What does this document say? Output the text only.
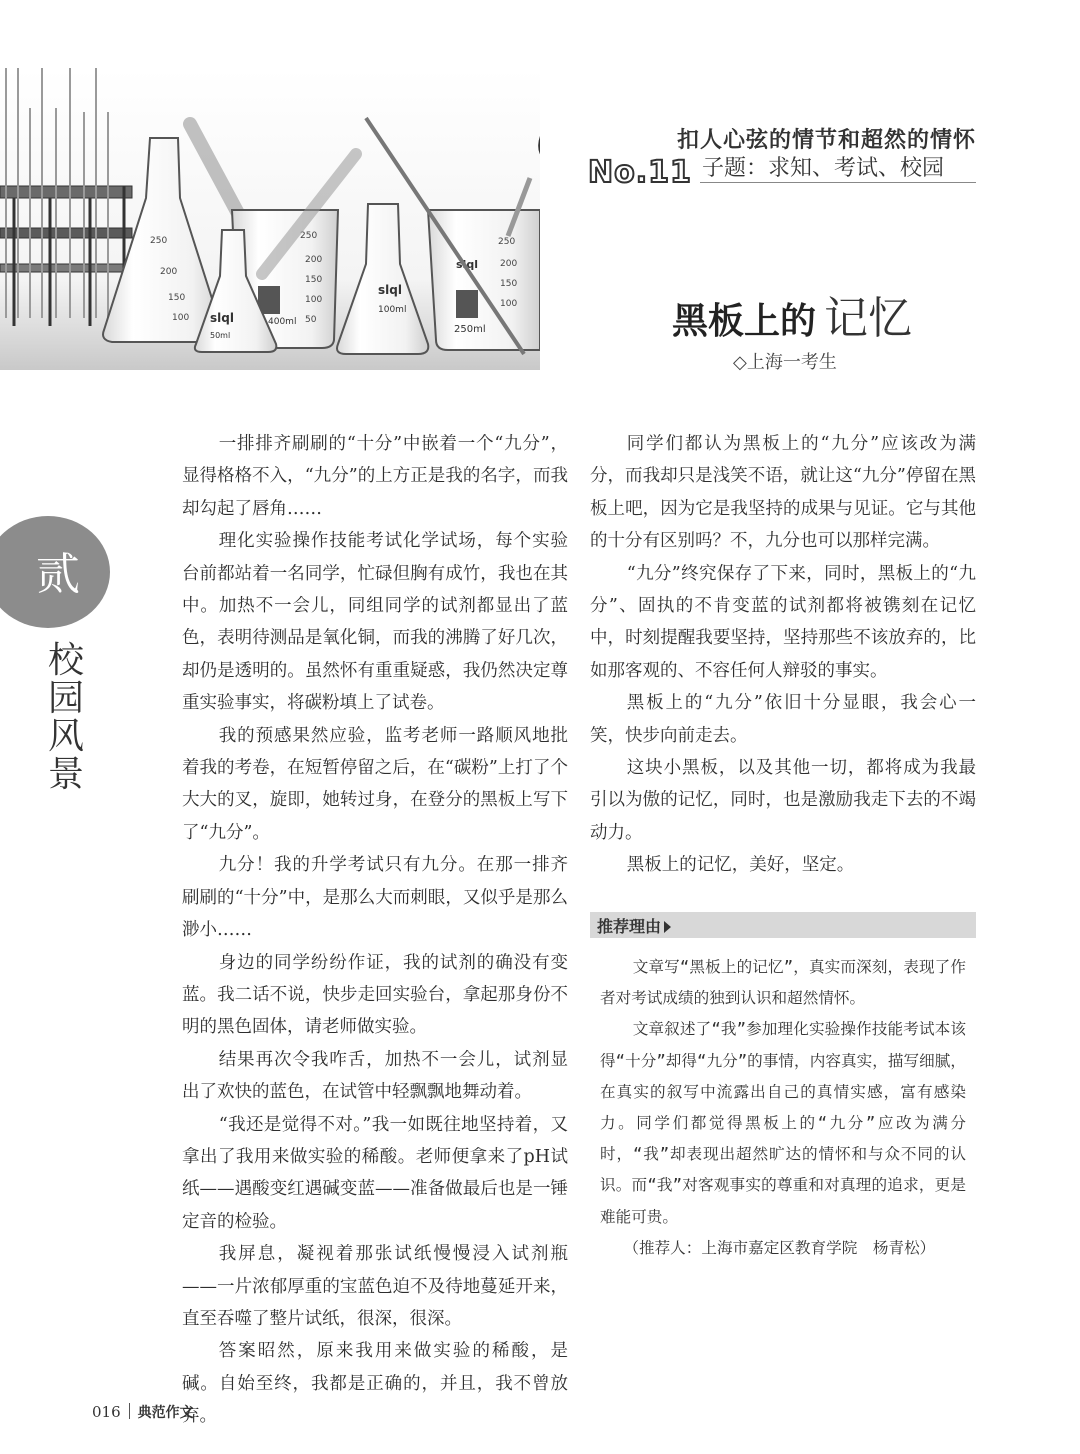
250
200
150
100
250
200
150
100
50
400ml
slql
50ml
slql
100ml
250ml
slql
250
200
150
100
扣人心弦的情节和超然的情怀
No.11 子题：求知、考试、校园
黑板上的 记忆
◇上海一考生
贰
校
园
风
景

一排排齐刷刷的“十分”中嵌着一个“九分”，显得格格不入，“九分”的上方正是我的名字，而我却勾起了唇角……

理化实验操作技能考试化学试场，每个实验台前都站着一名同学，忙碌但胸有成竹，我也在其中。加热不一会儿，同组同学的试剂都显出了蓝色，表明待测品是氧化铜，而我的沸腾了好几次，却仍是透明的。虽然怀有重重疑惑，我仍然决定尊重实验事实，将碳粉填上了试卷。

我的预感果然应验，监考老师一路顺风地批着我的考卷，在短暂停留之后，在“碳粉”上打了个大大的叉，旋即，她转过身，在登分的黑板上写下了“九分”。

九分！我的升学考试只有九分。在那一排齐刷刷的“十分”中，是那么大而刺眼，又似乎是那么渺小……

身边的同学纷纷作证，我的试剂的确没有变蓝。我二话不说，快步走回实验台，拿起那身份不明的黑色固体，请老师做实验。

结果再次令我咋舌，加热不一会儿，试剂显出了欢快的蓝色，在试管中轻飘飘地舞动着。

“我还是觉得不对。”我一如既往地坚持着，又拿出了我用来做实验的稀酸。老师便拿来了pH试纸——遇酸变红遇碱变蓝——准备做最后也是一锤定音的检验。

我屏息，凝视着那张试纸慢慢浸入试剂瓶——一片浓郁厚重的宝蓝色迫不及待地蔓延开来，直至吞噬了整片试纸，很深，很深。

答案昭然，原来我用来做实验的稀酸，是碱。自始至终，我都是正确的，并且，我不曾放弃。

同学们都认为黑板上的“九分”应该改为满分，而我却只是浅笑不语，就让这“九分”停留在黑板上吧，因为它是我坚持的成果与见证。它与其他的十分有区别吗？不，九分也可以那样完满。

“九分”终究保存了下来，同时，黑板上的“九分”、固执的不肯变蓝的试剂都将被镌刻在记忆中，时刻提醒我要坚持，坚持那些不该放弃的，比如那客观的、不容任何人辩驳的事实。

黑板上的“九分”依旧十分显眼，我会心一笑，快步向前走去。

这块小黑板，以及其他一切，都将成为我最引以为傲的记忆，同时，也是激励我走下去的不竭动力。

黑板上的记忆，美好，坚定。

推荐理由

文章写“黑板上的记忆”，真实而深刻，表现了作者对考试成绩的独到认识和超然情怀。

文章叙述了“我”参加理化实验操作技能考试本该得“十分”却得“九分”的事情，内容真实，描写细腻，在真实的叙写中流露出自己的真情实感，富有感染力。同学们都觉得黑板上的“九分”应改为满分时，“我”却表现出超然旷达的情怀和与众不同的认识。而“我”对客观事实的尊重和对真理的追求，更是难能可贵。

（推荐人：上海市嘉定区教育学院　杨青松）

016 典范作文
